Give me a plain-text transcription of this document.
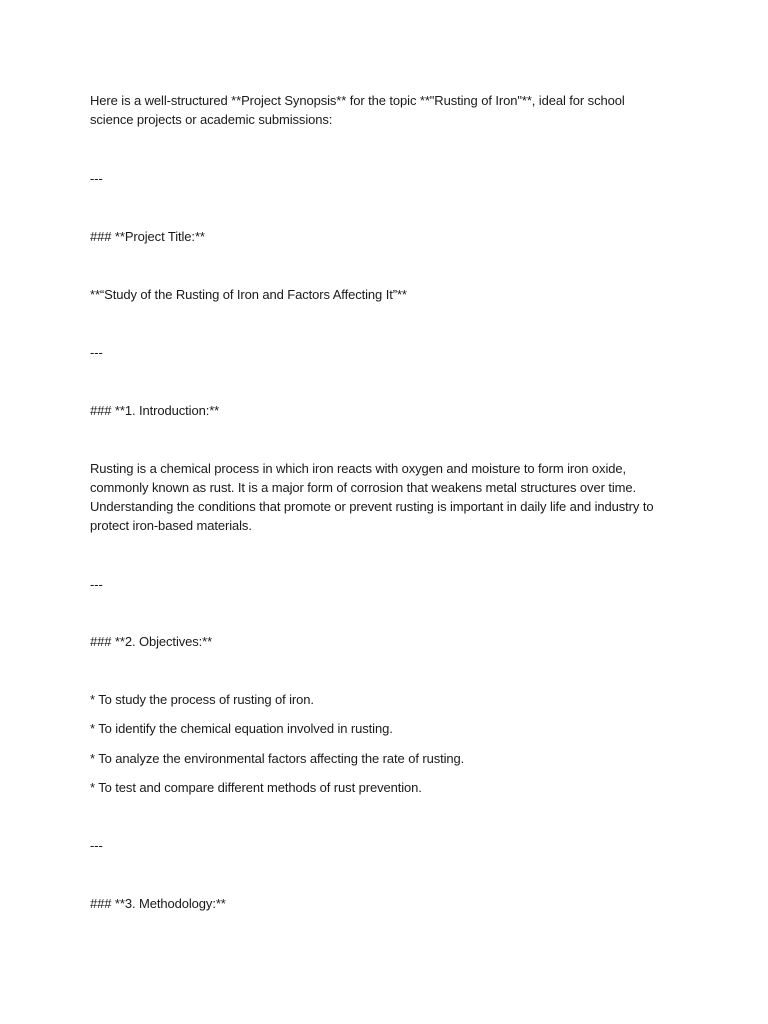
Here is a well-structured **Project Synopsis** for the topic **"Rusting of Iron"**, ideal for school
science projects or academic submissions:

---

### **Project Title:**

**“Study of the Rusting of Iron and Factors Affecting It”**

---

### **1. Introduction:**

Rusting is a chemical process in which iron reacts with oxygen and moisture to form iron oxide,
commonly known as rust. It is a major form of corrosion that weakens metal structures over time.
Understanding the conditions that promote or prevent rusting is important in daily life and industry to
protect iron-based materials.

---

### **2. Objectives:**

* To study the process of rusting of iron.

* To identify the chemical equation involved in rusting.

* To analyze the environmental factors affecting the rate of rusting.

* To test and compare different methods of rust prevention.

---

### **3. Methodology:**
